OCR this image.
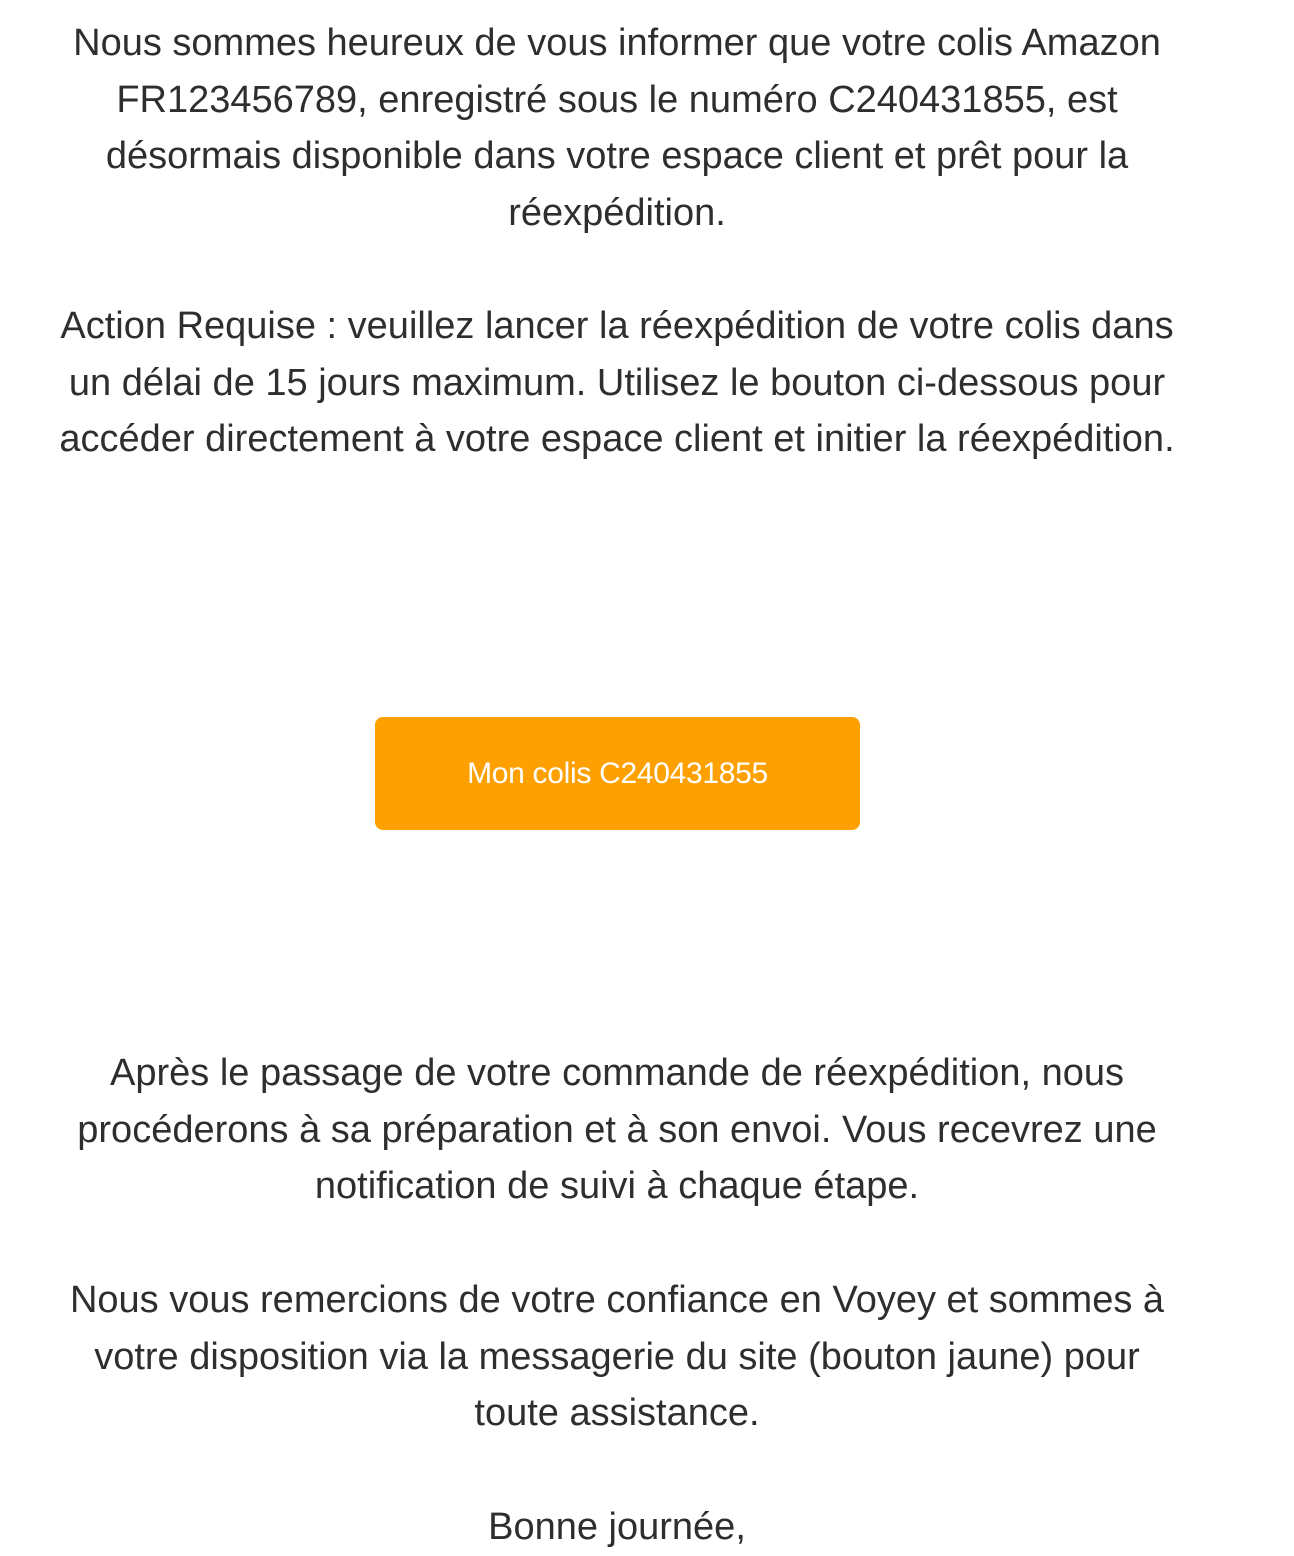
Nous sommes heureux de vous informer que votre colis Amazon
FR123456789, enregistré sous le numéro C240431855, est
désormais disponible dans votre espace client et prêt pour la
réexpédition.

Action Requise : veuillez lancer la réexpédition de votre colis dans
un délai de 15 jours maximum. Utilisez le bouton ci-dessous pour
accéder directement à votre espace client et initier la réexpédition.

Mon colis C240431855

Après le passage de votre commande de réexpédition, nous
procéderons à sa préparation et à son envoi. Vous recevrez une
notification de suivi à chaque étape.

Nous vous remercions de votre confiance en Voyey et sommes à
votre disposition via la messagerie du site (bouton jaune) pour
toute assistance.

Bonne journée,
